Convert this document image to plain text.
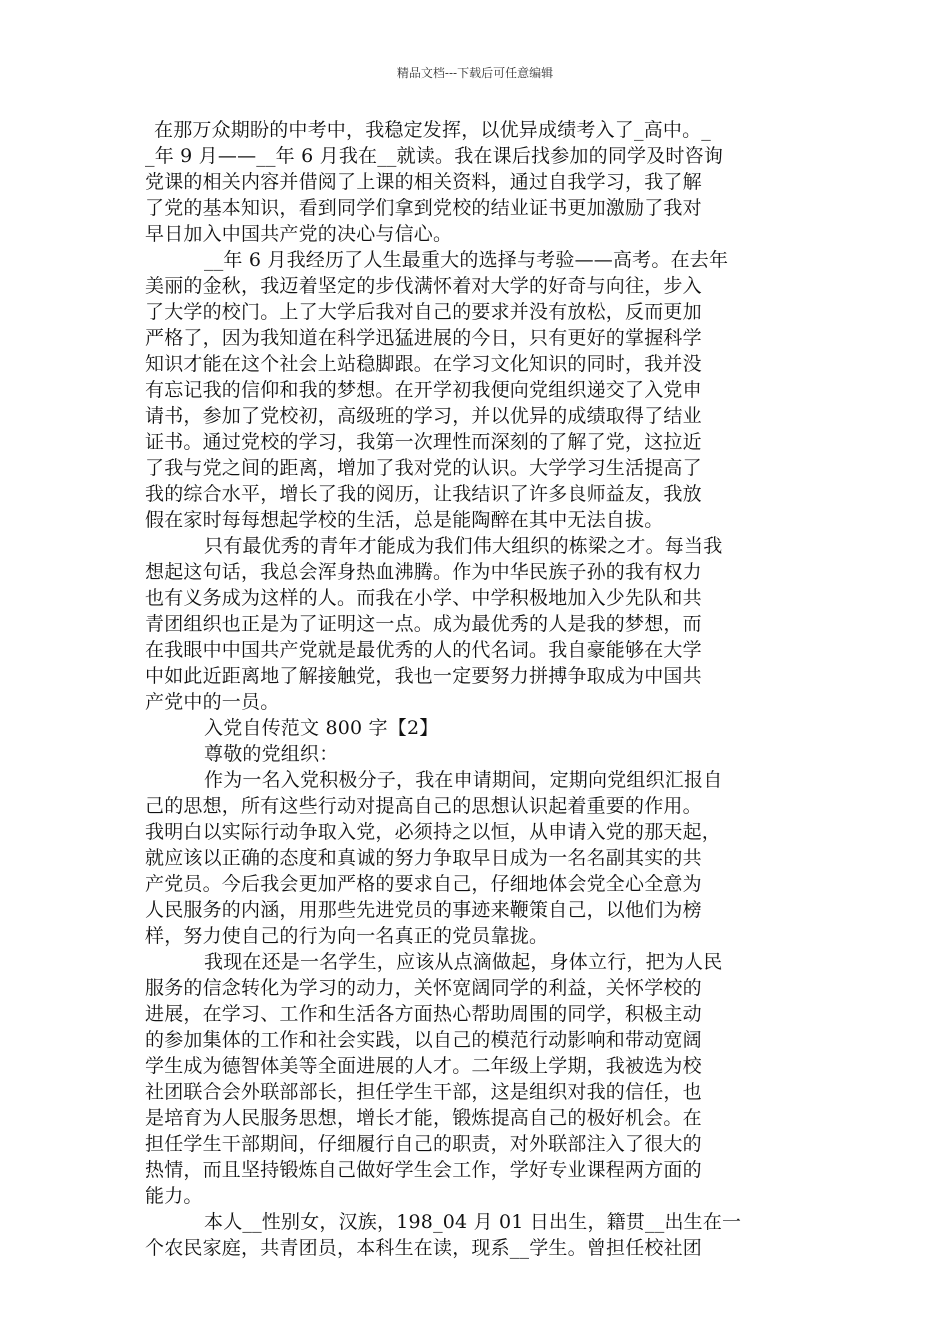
精品文档---下载后可任意编辑

在那万众期盼的中考中，我稳定发挥，以优异成绩考入了_高中。_
_年 9 月——__年 6 月我在__就读。我在课后找参加的同学及时咨询
党课的相关内容并借阅了上课的相关资料，通过自我学习，我了解
了党的基本知识，看到同学们拿到党校的结业证书更加激励了我对
早日加入中国共产党的决心与信心。

__年 6 月我经历了人生最重大的选择与考验——高考。在去年
美丽的金秋，我迈着坚定的步伐满怀着对大学的好奇与向往，步入
了大学的校门。上了大学后我对自己的要求并没有放松，反而更加
严格了，因为我知道在科学迅猛进展的今日，只有更好的掌握科学
知识才能在这个社会上站稳脚跟。在学习文化知识的同时，我并没
有忘记我的信仰和我的梦想。在开学初我便向党组织递交了入党申
请书，参加了党校初，高级班的学习，并以优异的成绩取得了结业
证书。通过党校的学习，我第一次理性而深刻的了解了党，这拉近
了我与党之间的距离，增加了我对党的认识。大学学习生活提高了
我的综合水平，增长了我的阅历，让我结识了许多良师益友，我放
假在家时每每想起学校的生活，总是能陶醉在其中无法自拔。

只有最优秀的青年才能成为我们伟大组织的栋梁之才。每当我
想起这句话，我总会浑身热血沸腾。作为中华民族子孙的我有权力
也有义务成为这样的人。而我在小学、中学积极地加入少先队和共
青团组织也正是为了证明这一点。成为最优秀的人是我的梦想，而
在我眼中中国共产党就是最优秀的人的代名词。我自豪能够在大学
中如此近距离地了解接触党，我也一定要努力拼搏争取成为中国共
产党中的一员。

入党自传范文 800 字【2】

尊敬的党组织：

作为一名入党积极分子，我在申请期间，定期向党组织汇报自
己的思想，所有这些行动对提高自己的思想认识起着重要的作用。
我明白以实际行动争取入党，必须持之以恒，从申请入党的那天起，
就应该以正确的态度和真诚的努力争取早日成为一名名副其实的共
产党员。今后我会更加严格的要求自己，仔细地体会党全心全意为
人民服务的内涵，用那些先进党员的事迹来鞭策自己，以他们为榜
样，努力使自己的行为向一名真正的党员靠拢。

我现在还是一名学生，应该从点滴做起，身体立行，把为人民
服务的信念转化为学习的动力，关怀宽阔同学的利益，关怀学校的
进展，在学习、工作和生活各方面热心帮助周围的同学，积极主动
的参加集体的工作和社会实践，以自己的模范行动影响和带动宽阔
学生成为德智体美等全面进展的人才。二年级上学期，我被选为校
社团联合会外联部部长，担任学生干部，这是组织对我的信任，也
是培育为人民服务思想，增长才能，锻炼提高自己的极好机会。在
担任学生干部期间，仔细履行自己的职责，对外联部注入了很大的
热情，而且坚持锻炼自己做好学生会工作，学好专业课程两方面的
能力。

本人__性别女，汉族，198_04 月 01 日出生，籍贯__出生在一
个农民家庭，共青团员，本科生在读，现系__学生。曾担任校社团
